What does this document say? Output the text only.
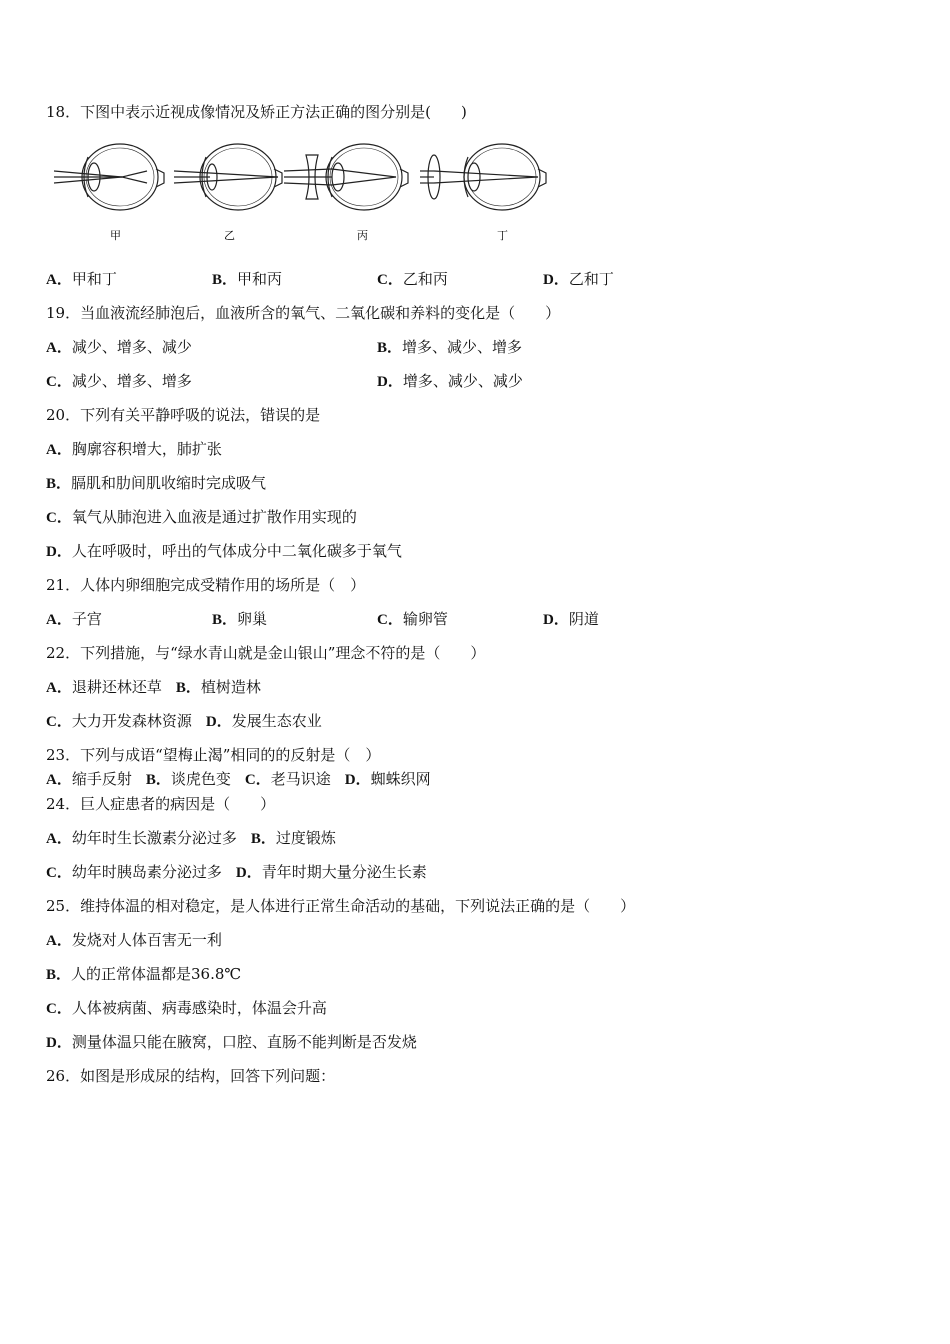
18．下图中表示近视成像情况及矫正方法正确的图分别是(　　)
甲	乙	丙	丁
A．甲和丁	B．甲和丙	C．乙和丙	D．乙和丁
19．当血液流经肺泡后，血液所含的氧气、二氧化碳和养料的变化是（　　）
A．减少、增多、减少	B．增多、减少、增多
C．减少、增多、增多	D．增多、减少、减少
20．下列有关平静呼吸的说法，错误的是
A．胸廓容积增大，肺扩张
B．膈肌和肋间肌收缩时完成吸气
C．氧气从肺泡进入血液是通过扩散作用实现的
D．人在呼吸时，呼出的气体成分中二氧化碳多于氧气
21．人体内卵细胞完成受精作用的场所是（　）
A．子宫	B．卵巢	C．输卵管	D．阴道
22．下列措施，与“绿水青山就是金山银山”理念不符的是（　　）
A．退耕还林还草 B．植树造林
C．大力开发森林资源 D．发展生态农业
23．下列与成语“望梅止渴”相同的的反射是（　）
A．缩手反射 B．谈虎色变 C．老马识途 D．蜘蛛织网
24．巨人症患者的病因是（　　）
A．幼年时生长激素分泌过多 B．过度锻炼
C．幼年时胰岛素分泌过多 D．青年时期大量分泌生长素
25．维持体温的相对稳定，是人体进行正常生命活动的基础，下列说法正确的是（　　）
A．发烧对人体百害无一利
B．人的正常体温都是36.8℃
C．人体被病菌、病毒感染时，体温会升高
D．测量体温只能在腋窝，口腔、直肠不能判断是否发烧
26．如图是形成尿的结构，回答下列问题：
